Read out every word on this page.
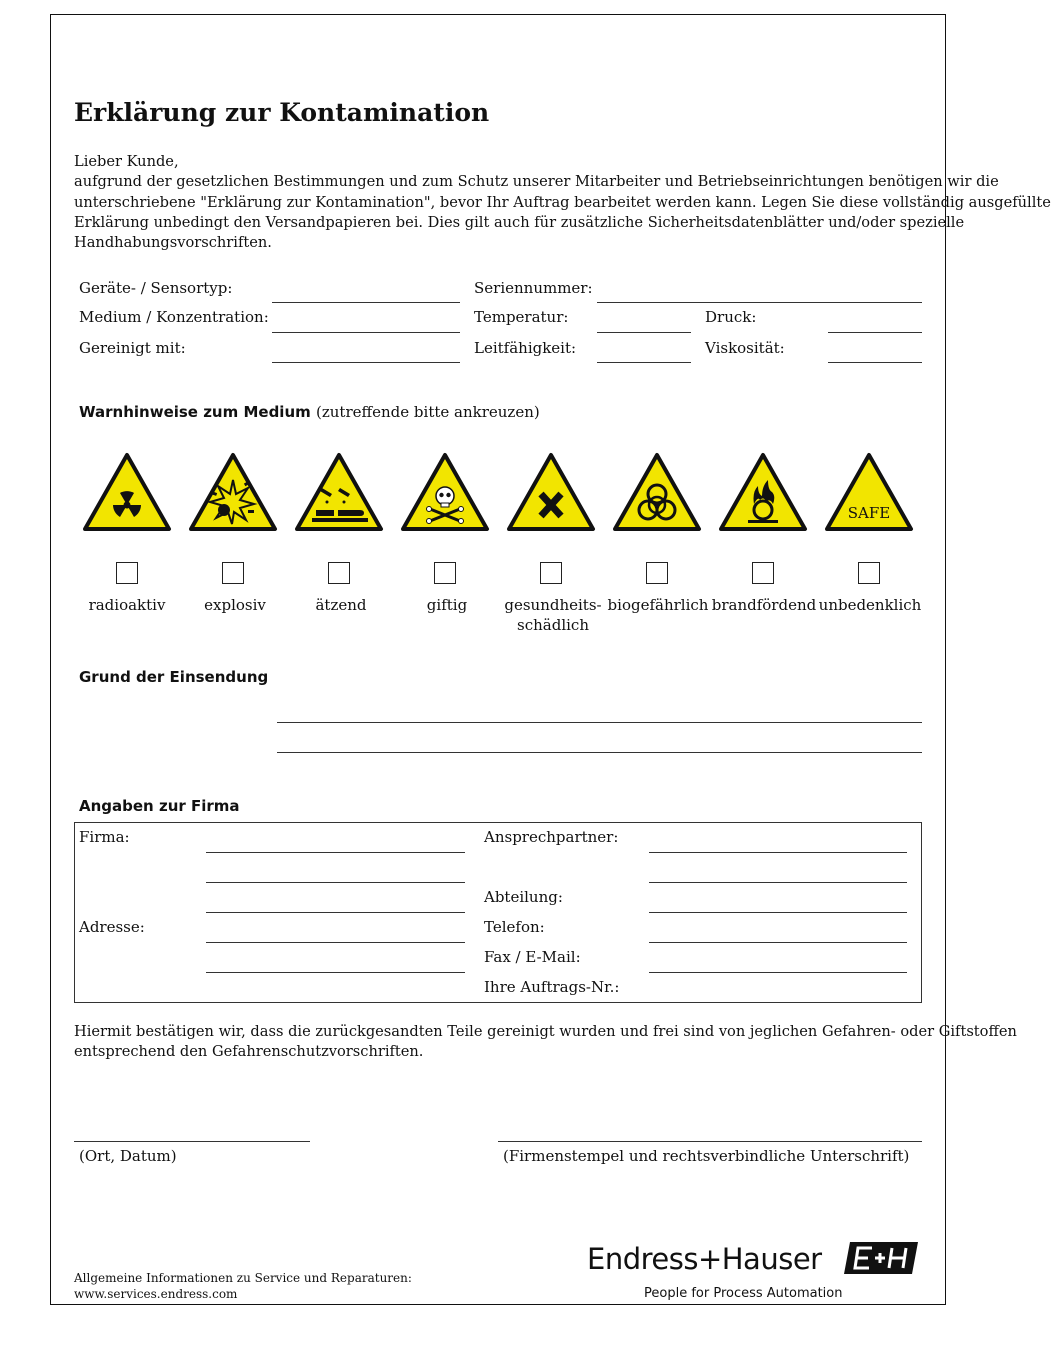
Erklärung zur Kontamination
Lieber Kunde,
aufgrund der gesetzlichen Bestimmungen und zum Schutz unserer Mitarbeiter und Betriebseinrichtungen benötigen wir die
unterschriebene "Erklärung zur Kontamination", bevor Ihr Auftrag bearbeitet werden kann. Legen Sie diese vollständig ausgefüllte
Erklärung unbedingt den Versandpapieren bei. Dies gilt auch für zusätzliche Sicherheitsdatenblätter und/oder spezielle
Handhabungsvorschriften.
Geräte- / Sensortyp:	Seriennummer:
Medium / Konzentration:	Temperatur:	Druck:
Gereinigt mit:	Leitfähigkeit:	Viskosität:
Warnhinweise zum Medium (zutreffende bitte ankreuzen)
SAFE
radioaktiv	explosiv	ätzend	giftig	gesundheits-
schädlich
biogefährlich brandfördend unbedenklich
Grund der Einsendung
Angaben zur Firma
Firma:
Adresse:
Ansprechpartner:
Abteilung:
Telefon:
Fax / E-Mail:
Ihre Auftrags-Nr.:
Hiermit bestätigen wir, dass die zurückgesandten Teile gereinigt wurden und frei sind von jeglichen Gefahren- oder Giftstoffen
entsprechend den Gefahrenschutzvorschriften.
(Ort, Datum)	(Firmenstempel und rechtsverbindliche Unterschrift)
Allgemeine Informationen zu Service und Reparaturen:
www.services.endress.com
Endress+Hauser
People for Process Automation
